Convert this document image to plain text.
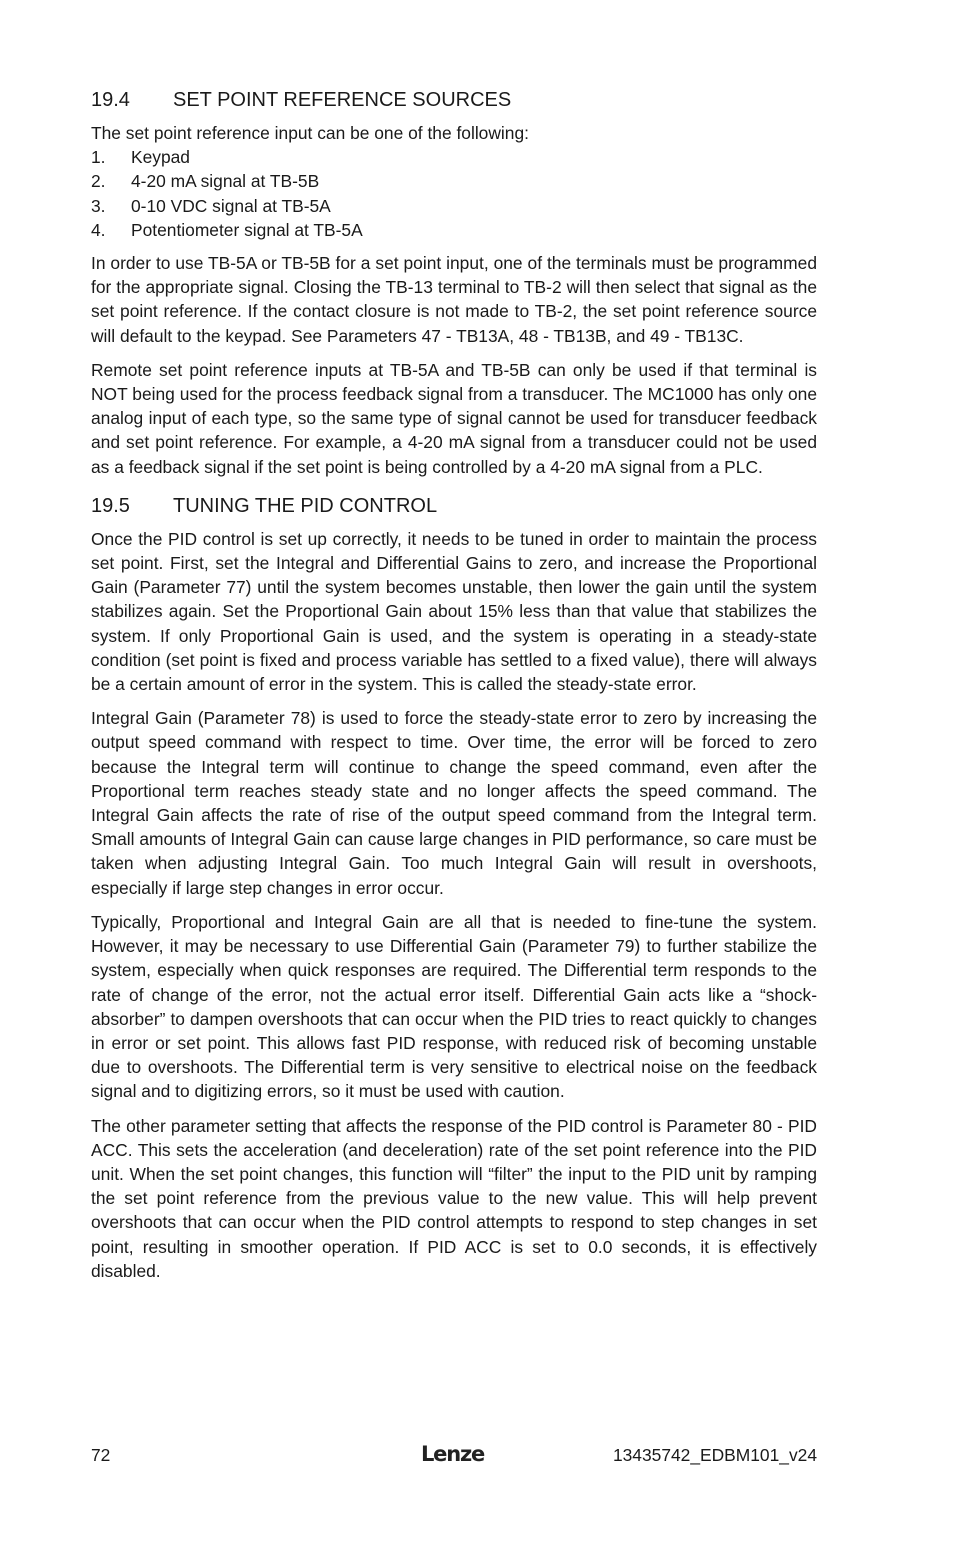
19.4	SET POINT REFERENCE SOURCES

The set point reference input can be one of the following:

1.	Keypad
2.	4-20 mA signal at TB-5B
3.	0-10 VDC signal at TB-5A
4.	Potentiometer signal at TB-5A

In order to use TB-5A or TB-5B for a set point input, one of the terminals must be programmed for the appropriate signal. Closing the TB-13 terminal to TB-2 will then select that signal as the set point reference. If the contact closure is not made to TB-2, the set point reference source will default to the keypad. See Parameters 47 - TB13A, 48 - TB13B, and 49 - TB13C.

Remote set point reference inputs at TB-5A and TB-5B can only be used if that terminal is NOT being used for the process feedback signal from a transducer. The MC1000 has only one analog input of each type, so the same type of signal cannot be used for transducer feedback and set point reference. For example, a 4-20 mA signal from a transducer could not be used as a feedback signal if the set point is being controlled by a 4-20 mA signal from a PLC.

19.5	TUNING THE PID CONTROL

Once the PID control is set up correctly, it needs to be tuned in order to maintain the process set point. First, set the Integral and Differential Gains to zero, and increase the Proportional Gain (Parameter 77) until the system becomes unstable, then lower the gain until the system stabilizes again. Set the Proportional Gain about 15% less than that value that stabilizes the system. If only Proportional Gain is used, and the system is operating in a steady-state condition (set point is fixed and process variable has settled to a fixed value), there will always be a certain amount of error in the system. This is called the steady-state error.

Integral Gain (Parameter 78) is used to force the steady-state error to zero by increasing the output speed command with respect to time. Over time, the error will be forced to zero because the Integral term will continue to change the speed command, even after the Proportional term reaches steady state and no longer affects the speed command. The Integral Gain affects the rate of rise of the output speed command from the Integral term. Small amounts of Integral Gain can cause large changes in PID performance, so care must be taken when adjusting Integral Gain. Too much Integral Gain will result in overshoots, especially if large step changes in error occur.

Typically, Proportional and Integral Gain are all that is needed to fine-tune the system. However, it may be necessary to use Differential Gain (Parameter 79) to further stabilize the system, especially when quick responses are required. The Differential term responds to the rate of change of the error, not the actual error itself. Differential Gain acts like a “shock-absorber” to dampen overshoots that can occur when the PID tries to react quickly to changes in error or set point. This allows fast PID response, with reduced risk of becoming unstable due to overshoots. The Differential term is very sensitive to electrical noise on the feedback signal and to digitizing errors, so it must be used with caution.

The other parameter setting that affects the response of the PID control is Parameter 80 - PID ACC. This sets the acceleration (and deceleration) rate of the set point reference into the PID unit. When the set point changes, this function will “filter” the input to the PID unit by ramping the set point reference from the previous value to the new value. This will help prevent overshoots that can occur when the PID control attempts to respond to step changes in set point, resulting in smoother operation. If PID ACC is set to 0.0 seconds, it is effectively disabled.

72	Lenze	13435742_EDBM101_v24
